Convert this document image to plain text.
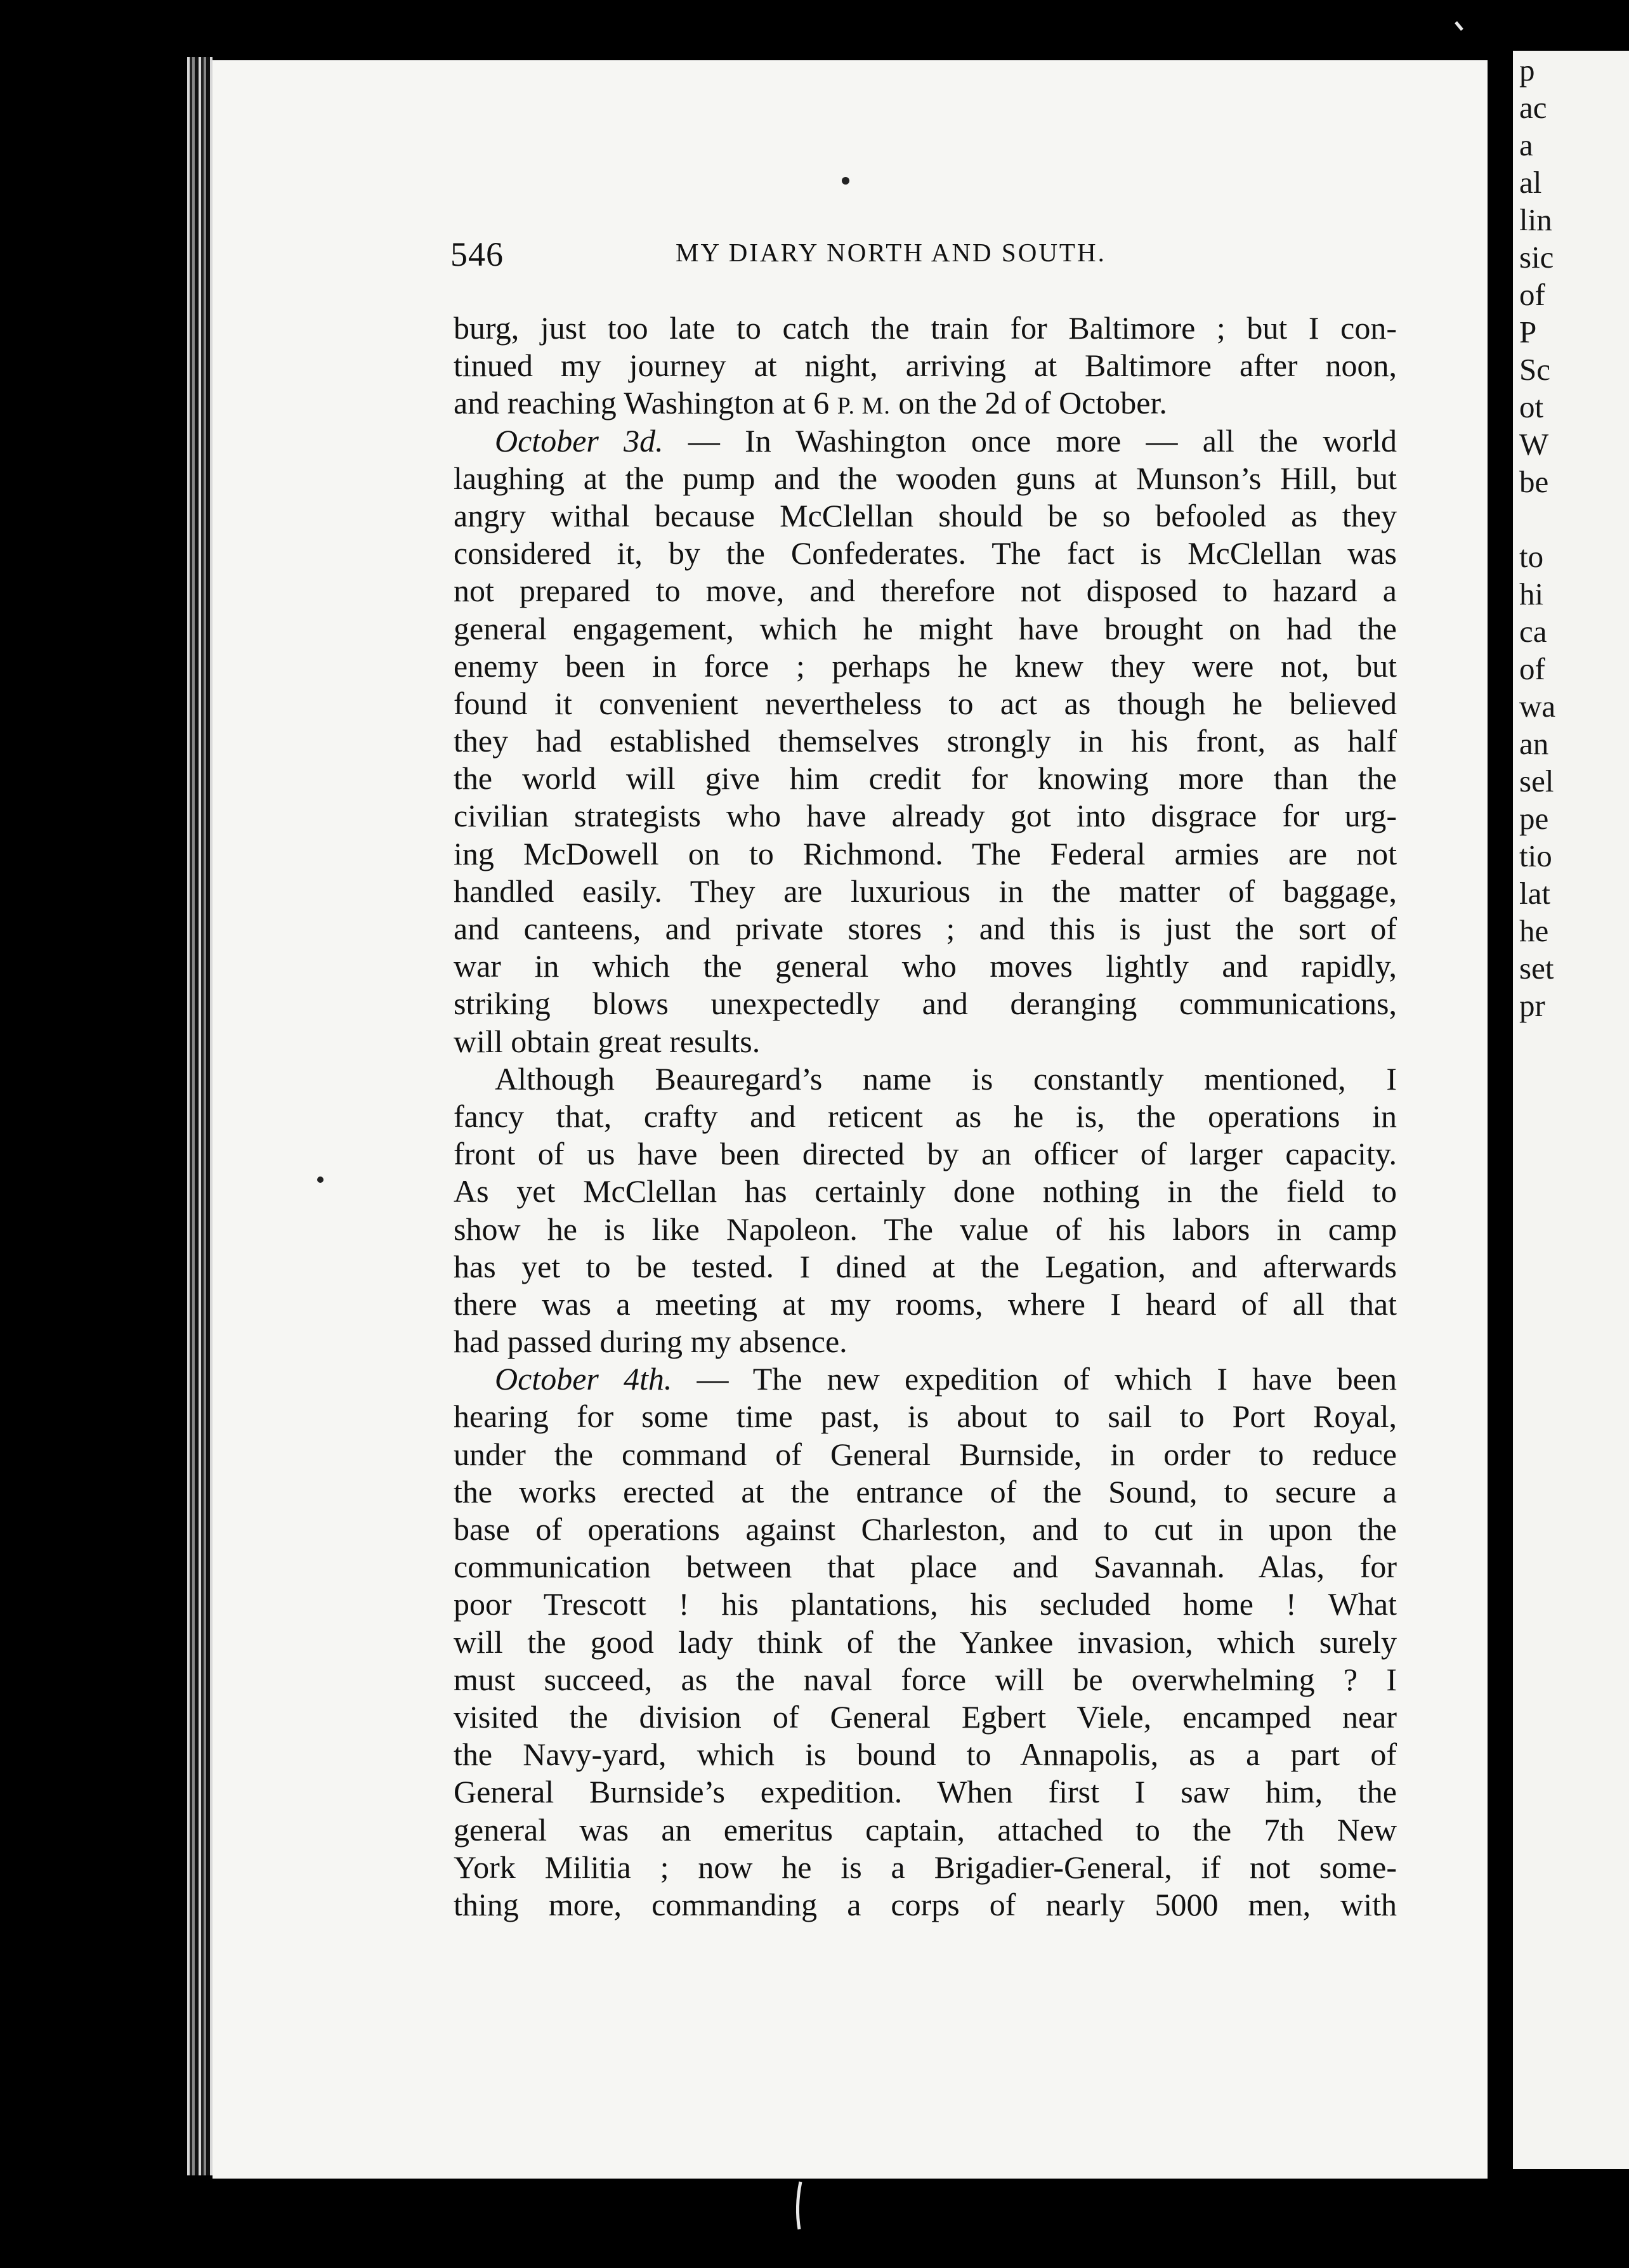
p
ac
a
al
lin
sic
of
P
Sc
ot
W
be
to
hi
ca
of
wa
an
sel
pe
tio
lat
he
set
pr
546	MY DIARY NORTH AND SOUTH.
burg, just too late to catch the train for Baltimore ; but I con-
tinued my journey at night, arriving at Baltimore after noon,
and reaching Washington at 6 P. M. on the 2d of October.
October 3d. — In Washington once more — all the world
laughing at the pump and the wooden guns at Munson’s Hill, but
angry withal because McClellan should be so befooled as they
considered it, by the Confederates. The fact is McClellan was
not prepared to move, and therefore not disposed to hazard a
general engagement, which he might have brought on had the
enemy been in force ; perhaps he knew they were not, but
found it convenient nevertheless to act as though he believed
they had established themselves strongly in his front, as half
the world will give him credit for knowing more than the
civilian strategists who have already got into disgrace for urg-
ing McDowell on to Richmond. The Federal armies are not
handled easily. They are luxurious in the matter of baggage,
and canteens, and private stores ; and this is just the sort of
war in which the general who moves lightly and rapidly,
striking blows unexpectedly and deranging communications,
will obtain great results.
Although Beauregard’s name is constantly mentioned, I
fancy that, crafty and reticent as he is, the operations in
front of us have been directed by an officer of larger capacity.
As yet McClellan has certainly done nothing in the field to
show he is like Napoleon. The value of his labors in camp
has yet to be tested. I dined at the Legation, and afterwards
there was a meeting at my rooms, where I heard of all that
had passed during my absence.
October 4th. — The new expedition of which I have been
hearing for some time past, is about to sail to Port Royal,
under the command of General Burnside, in order to reduce
the works erected at the entrance of the Sound, to secure a
base of operations against Charleston, and to cut in upon the
communication between that place and Savannah. Alas, for
poor Trescott ! his plantations, his secluded home ! What
will the good lady think of the Yankee invasion, which surely
must succeed, as the naval force will be overwhelming ? I
visited the division of General Egbert Viele, encamped near
the Navy-yard, which is bound to Annapolis, as a part of
General Burnside’s expedition. When first I saw him, the
general was an emeritus captain, attached to the 7th New
York Militia ; now he is a Brigadier-General, if not some-
thing more, commanding a corps of nearly 5000 men, with
